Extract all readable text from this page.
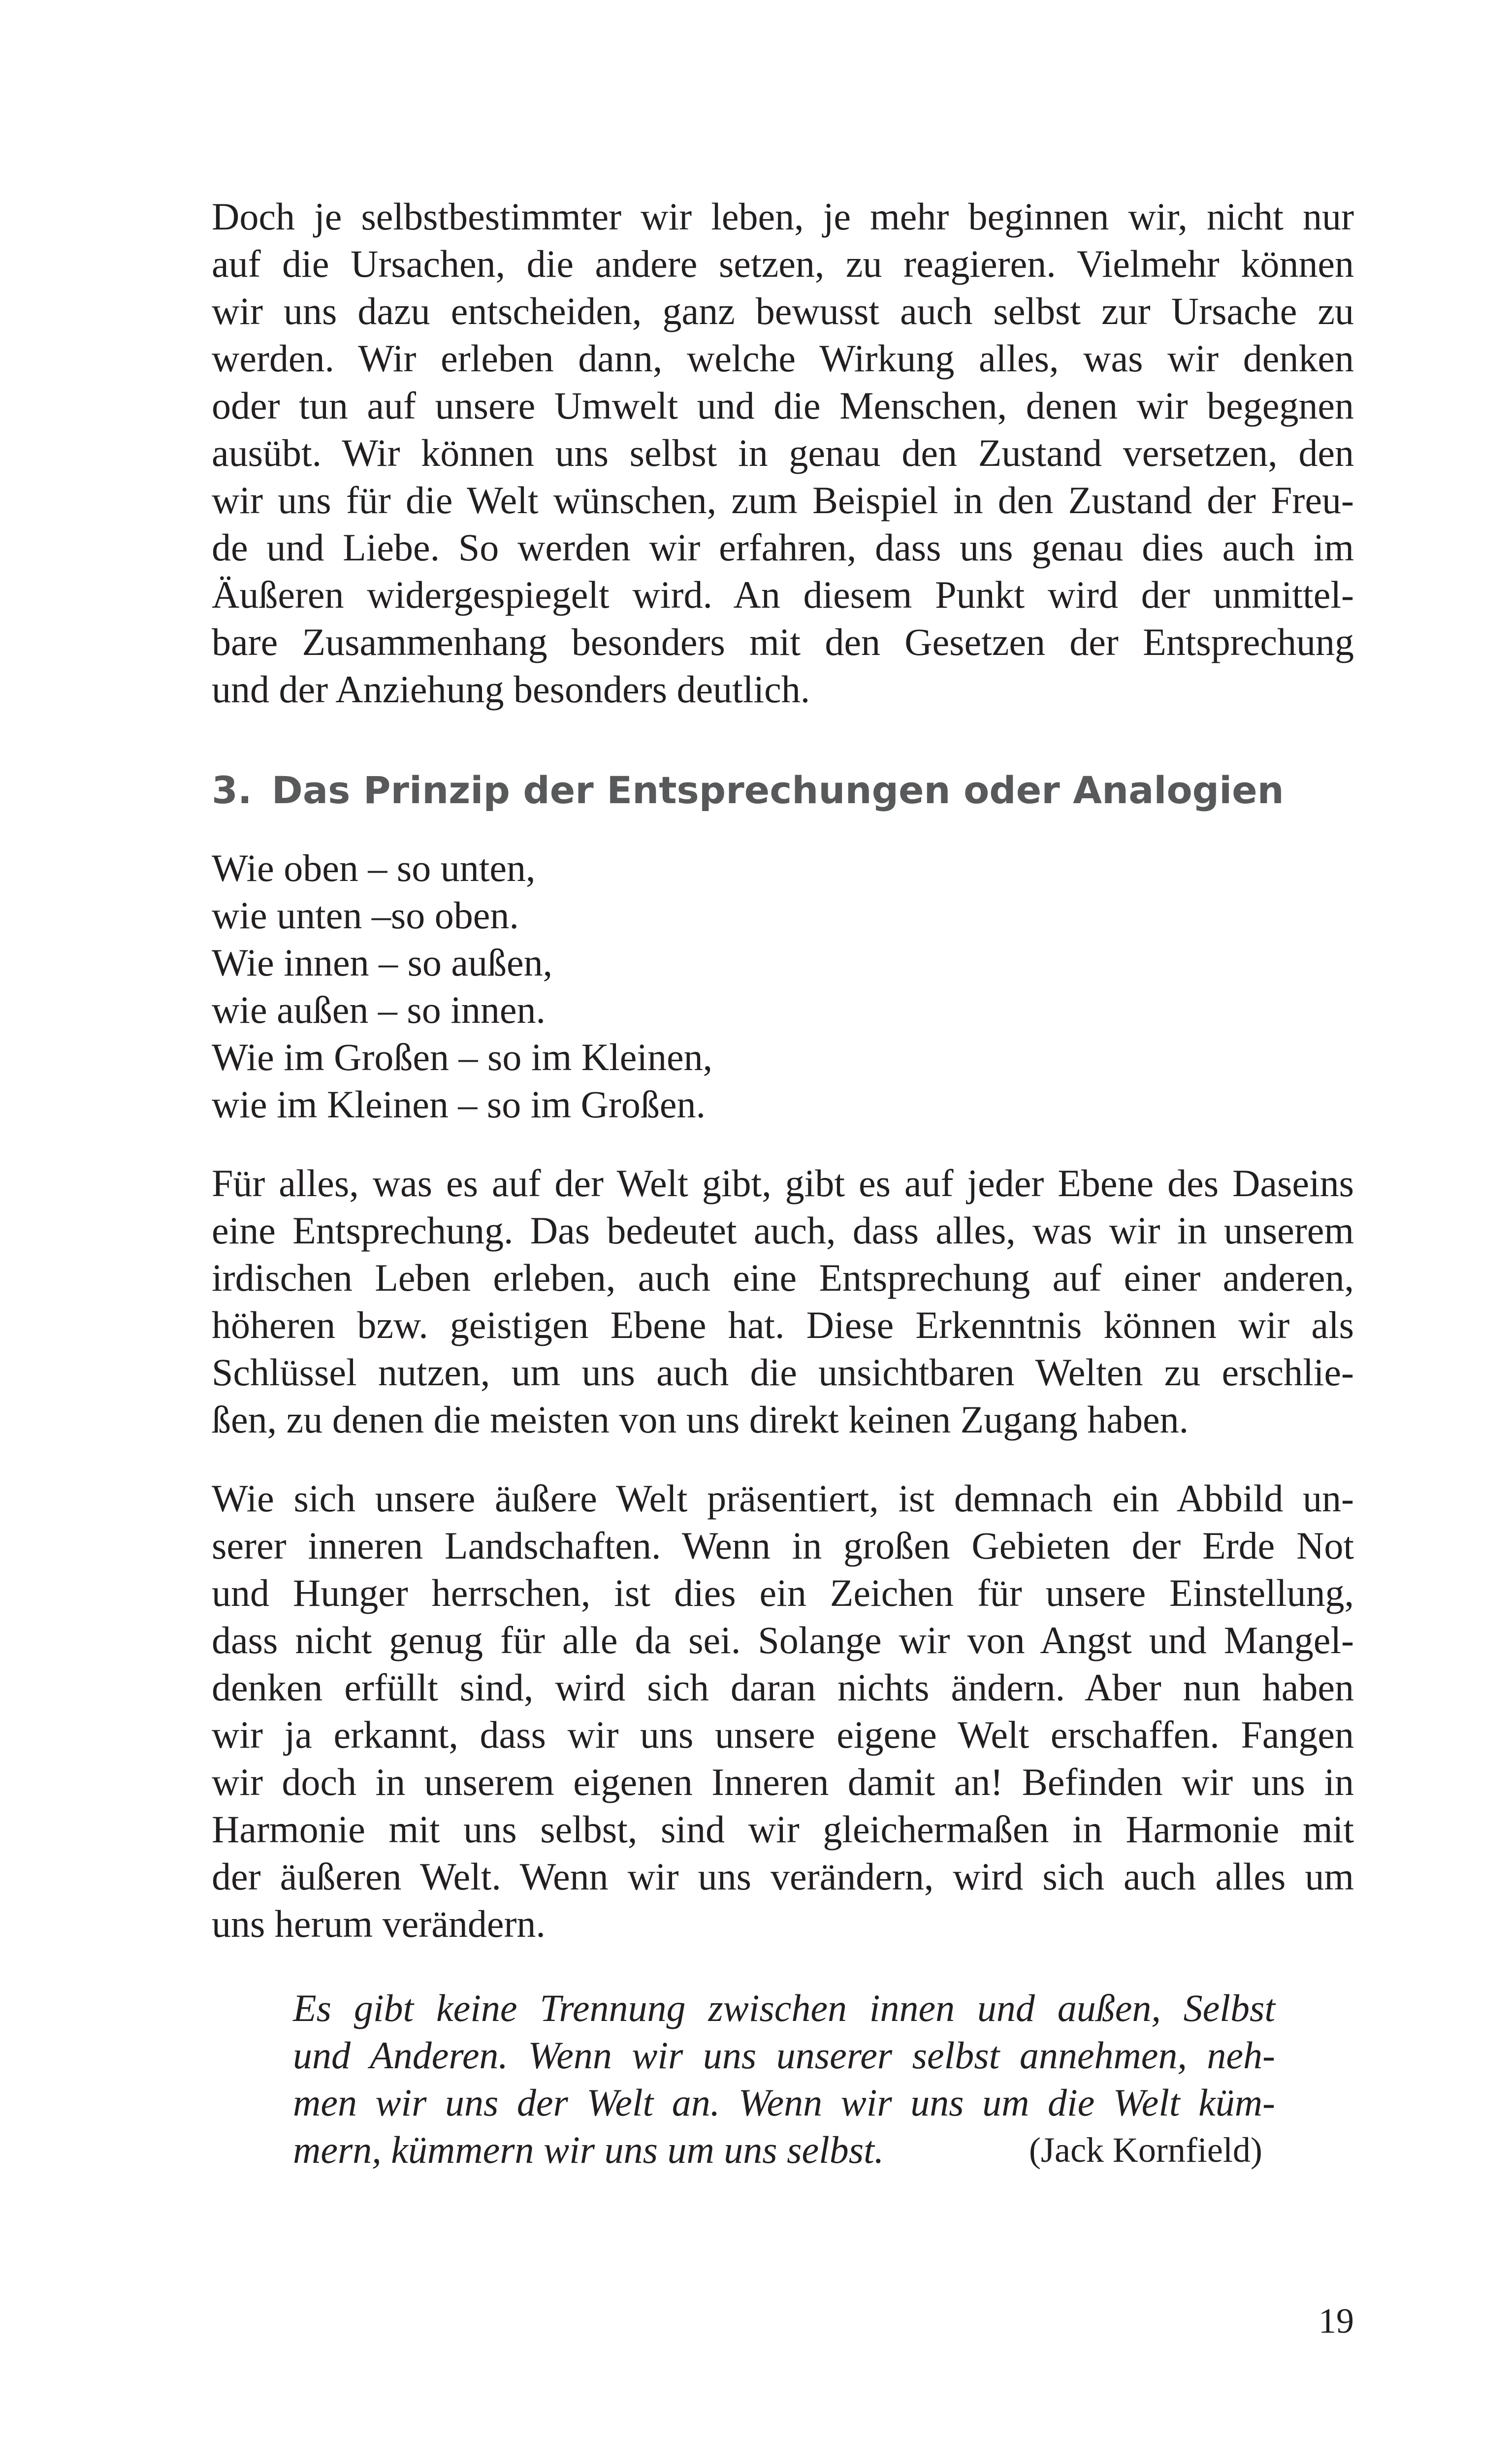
Doch je selbstbestimmter wir leben, je mehr beginnen wir, nicht nur
auf die Ursachen, die andere setzen, zu reagieren. Vielmehr können
wir uns dazu entscheiden, ganz bewusst auch selbst zur Ursache zu
werden. Wir erleben dann, welche Wirkung alles, was wir denken
oder tun auf unsere Umwelt und die Menschen, denen wir begegnen
ausübt. Wir können uns selbst in genau den Zustand versetzen, den
wir uns für die Welt wünschen, zum Beispiel in den Zustand der Freu-
de und Liebe. So werden wir erfahren, dass uns genau dies auch im
Äußeren widergespiegelt wird. An diesem Punkt wird der unmittel-
bare Zusammenhang besonders mit den Gesetzen der Entsprechung
und der Anziehung besonders deutlich.
3. Das Prinzip der Entsprechungen oder Analogien
Wie oben – so unten,
wie unten –so oben.
Wie innen – so außen,
wie außen – so innen.
Wie im Großen – so im Kleinen,
wie im Kleinen – so im Großen.
Für alles, was es auf der Welt gibt, gibt es auf jeder Ebene des Daseins
eine Entsprechung. Das bedeutet auch, dass alles, was wir in unserem
irdischen Leben erleben, auch eine Entsprechung auf einer anderen,
höheren bzw. geistigen Ebene hat. Diese Erkenntnis können wir als
Schlüssel nutzen, um uns auch die unsichtbaren Welten zu erschlie-
ßen, zu denen die meisten von uns direkt keinen Zugang haben.
Wie sich unsere äußere Welt präsentiert, ist demnach ein Abbild un-
serer inneren Landschaften. Wenn in großen Gebieten der Erde Not
und Hunger herrschen, ist dies ein Zeichen für unsere Einstellung,
dass nicht genug für alle da sei. Solange wir von Angst und Mangel-
denken erfüllt sind, wird sich daran nichts ändern. Aber nun haben
wir ja erkannt, dass wir uns unsere eigene Welt erschaffen. Fangen
wir doch in unserem eigenen Inneren damit an! Befinden wir uns in
Harmonie mit uns selbst, sind wir gleichermaßen in Harmonie mit
der äußeren Welt. Wenn wir uns verändern, wird sich auch alles um
uns herum verändern.
Es gibt keine Trennung zwischen innen und außen, Selbst
und Anderen. Wenn wir uns unserer selbst annehmen, neh-
men wir uns der Welt an. Wenn wir uns um die Welt küm-
mern, kümmern wir uns um uns selbst.	(Jack Kornfield)
19
